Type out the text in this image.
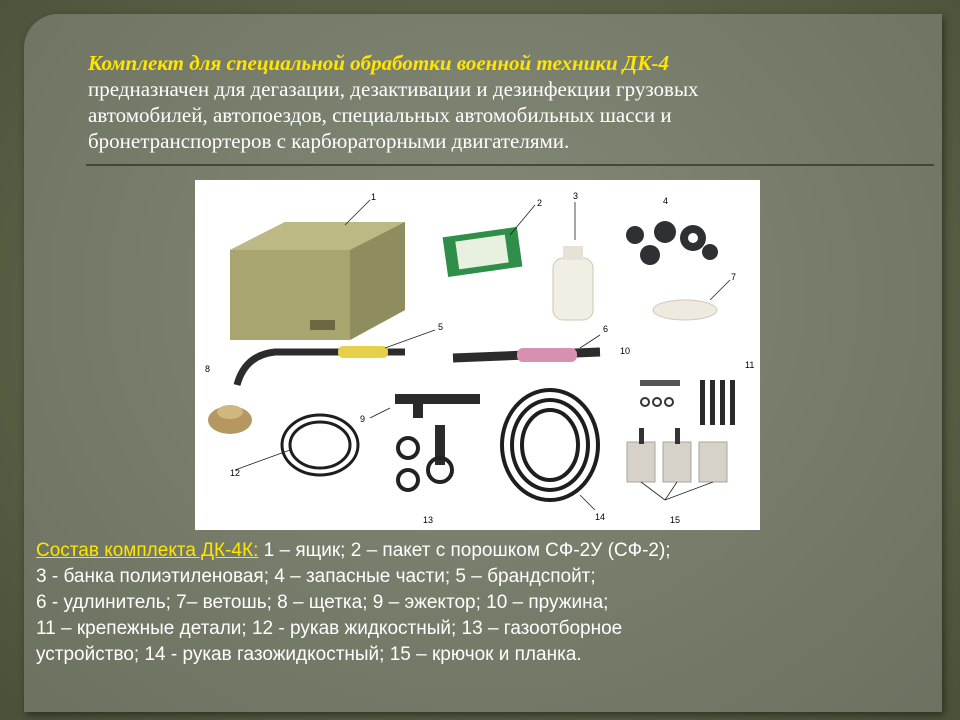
Комплект для специальной обработки военной техники ДК-4
предназначен для дегазации, дезактивации и дезинфекции грузовых
автомобилей, автопоездов, специальных автомобильных шасси и
бронетранспортеров с карбюраторными двигателями.
1
2
3	4
5	6
7
8
9
10
11
12
13	14	15
Состав комплекта ДК-4К: 1 – ящик; 2 – пакет с порошком СФ-2У (СФ-2);
3 - банка полиэтиленовая; 4 – запасные части; 5 – брандспойт;
6 - удлинитель; 7– ветошь; 8 – щетка; 9 – эжектор; 10 – пружина;
11 – крепежные детали; 12 - рукав жидкостный; 13 – газоотборное
устройство; 14 - рукав газожидкостный; 15 – крючок и планка.
